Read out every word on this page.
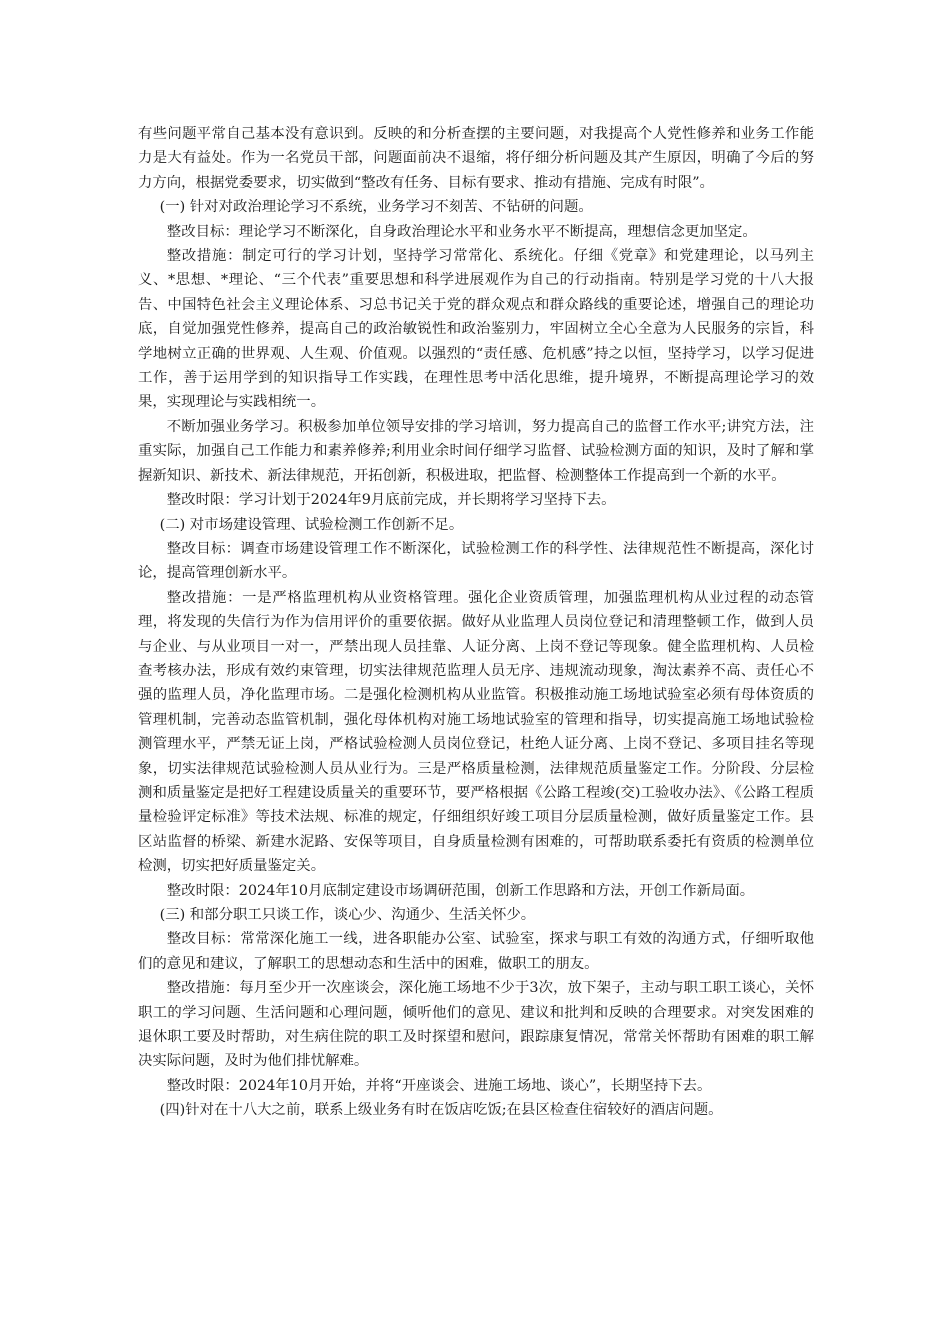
有些问题平常自己基本没有意识到。反映的和分析查摆的主要问题，对我提高个人党性修养和业务工作能力是大有益处。作为一名党员干部，问题面前决不退缩，将仔细分析问题及其产生原因，明确了今后的努力方向，根据党委要求，切实做到“整改有任务、目标有要求、推动有措施、完成有时限”。

(一) 针对对政治理论学习不系统，业务学习不刻苦、不钻研的问题。

整改目标：理论学习不断深化，自身政治理论水平和业务水平不断提高，理想信念更加坚定。

整改措施：制定可行的学习计划，坚持学习常常化、系统化。仔细《党章》和党建理论，以马列主义、*思想、*理论、“三个代表”重要思想和科学进展观作为自己的行动指南。特别是学习党的十八大报告、中国特色社会主义理论体系、习总书记关于党的群众观点和群众路线的重要论述，增强自己的理论功底，自觉加强党性修养，提高自己的政治敏锐性和政治鉴别力，牢固树立全心全意为人民服务的宗旨，科学地树立正确的世界观、人生观、价值观。以强烈的“责任感、危机感”持之以恒，坚持学习，以学习促进工作，善于运用学到的知识指导工作实践，在理性思考中活化思维，提升境界，不断提高理论学习的效果，实现理论与实践相统一。

不断加强业务学习。积极参加单位领导安排的学习培训，努力提高自己的监督工作水平;讲究方法，注重实际，加强自己工作能力和素养修养;利用业余时间仔细学习监督、试验检测方面的知识，及时了解和掌握新知识、新技术、新法律规范，开拓创新，积极进取，把监督、检测整体工作提高到一个新的水平。

整改时限：学习计划于2024年9月底前完成，并长期将学习坚持下去。

(二) 对市场建设管理、试验检测工作创新不足。

整改目标：调查市场建设管理工作不断深化，试验检测工作的科学性、法律规范性不断提高，深化讨论，提高管理创新水平。

整改措施：一是严格监理机构从业资格管理。强化企业资质管理，加强监理机构从业过程的动态管理，将发现的失信行为作为信用评价的重要依据。做好从业监理人员岗位登记和清理整顿工作，做到人员与企业、与从业项目一对一，严禁出现人员挂靠、人证分离、上岗不登记等现象。健全监理机构、人员检查考核办法，形成有效约束管理，切实法律规范监理人员无序、违规流动现象，淘汰素养不高、责任心不强的监理人员，净化监理市场。二是强化检测机构从业监管。积极推动施工场地试验室必须有母体资质的管理机制，完善动态监管机制，强化母体机构对施工场地试验室的管理和指导，切实提高施工场地试验检测管理水平，严禁无证上岗，严格试验检测人员岗位登记，杜绝人证分离、上岗不登记、多项目挂名等现象，切实法律规范试验检测人员从业行为。三是严格质量检测，法律规范质量鉴定工作。分阶段、分层检测和质量鉴定是把好工程建设质量关的重要环节，要严格根据《公路工程竣(交)工验收办法》、《公路工程质量检验评定标准》等技术法规、标准的规定，仔细组织好竣工项目分层质量检测，做好质量鉴定工作。县区站监督的桥梁、新建水泥路、安保等项目，自身质量检测有困难的，可帮助联系委托有资质的检测单位检测，切实把好质量鉴定关。

整改时限：2024年10月底制定建设市场调研范围，创新工作思路和方法，开创工作新局面。

(三) 和部分职工只谈工作，谈心少、沟通少、生活关怀少。

整改目标：常常深化施工一线，进各职能办公室、试验室，探求与职工有效的沟通方式，仔细听取他们的意见和建议，了解职工的思想动态和生活中的困难，做职工的朋友。

整改措施：每月至少开一次座谈会，深化施工场地不少于3次，放下架子，主动与职工职工谈心，关怀职工的学习问题、生活问题和心理问题，倾听他们的意见、建议和批判和反映的合理要求。对突发困难的退休职工要及时帮助，对生病住院的职工及时探望和慰问，跟踪康复情况，常常关怀帮助有困难的职工解决实际问题，及时为他们排忧解难。

整改时限：2024年10月开始，并将“开座谈会、进施工场地、谈心”，长期坚持下去。

(四)针对在十八大之前，联系上级业务有时在饭店吃饭;在县区检查住宿较好的酒店问题。
